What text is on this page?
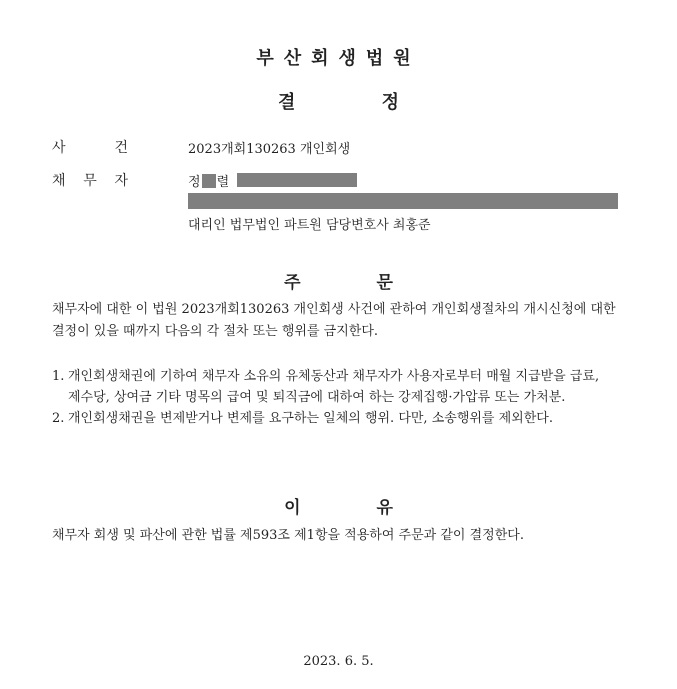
부산회생법원
결 정
사	건	2023개회130263 개인회생
채 무 자	정 렬
대리인 법무법인 파트원 담당변호사 최홍준
주 문
채무자에 대한 이 법원 2023개회130263 개인회생 사건에 관하여 개인회생절차의 개시신청에 대한 결정이 있을 때까지 다음의 각 절차 또는 행위를 금지한다.
1. 개인회생채권에 기하여 채무자 소유의 유체동산과 채무자가 사용자로부터 매월 지급받을 급료, 제수당, 상여금 기타 명목의 급여 및 퇴직금에 대하여 하는 강제집행·가압류 또는 가처분.
2. 개인회생채권을 변제받거나 변제를 요구하는 일체의 행위. 다만, 소송행위를 제외한다.
이 유
채무자 회생 및 파산에 관한 법률 제593조 제1항을 적용하여 주문과 같이 결정한다.
2023. 6. 5.
